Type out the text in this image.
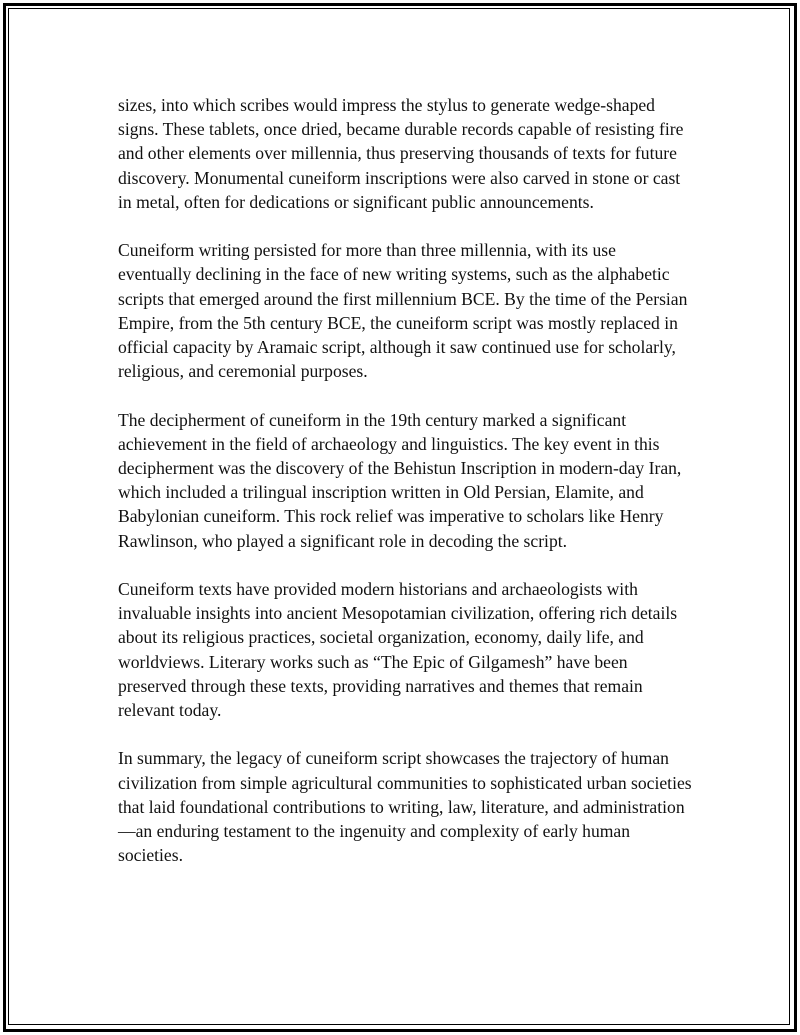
sizes, into which scribes would impress the stylus to generate wedge-shaped signs. These tablets, once dried, became durable records capable of resisting fire and other elements over millennia, thus preserving thousands of texts for future discovery. Monumental cuneiform inscriptions were also carved in stone or cast in metal, often for dedications or significant public announcements.

Cuneiform writing persisted for more than three millennia, with its use eventually declining in the face of new writing systems, such as the alphabetic scripts that emerged around the first millennium BCE. By the time of the Persian Empire, from the 5th century BCE, the cuneiform script was mostly replaced in official capacity by Aramaic script, although it saw continued use for scholarly, religious, and ceremonial purposes.

The decipherment of cuneiform in the 19th century marked a significant achievement in the field of archaeology and linguistics. The key event in this decipherment was the discovery of the Behistun Inscription in modern-day Iran, which included a trilingual inscription written in Old Persian, Elamite, and Babylonian cuneiform. This rock relief was imperative to scholars like Henry Rawlinson, who played a significant role in decoding the script.

Cuneiform texts have provided modern historians and archaeologists with invaluable insights into ancient Mesopotamian civilization, offering rich details about its religious practices, societal organization, economy, daily life, and worldviews. Literary works such as “The Epic of Gilgamesh” have been preserved through these texts, providing narratives and themes that remain relevant today.

In summary, the legacy of cuneiform script showcases the trajectory of human civilization from simple agricultural communities to sophisticated urban societies that laid foundational contributions to writing, law, literature, and administration—an enduring testament to the ingenuity and complexity of early human societies.
